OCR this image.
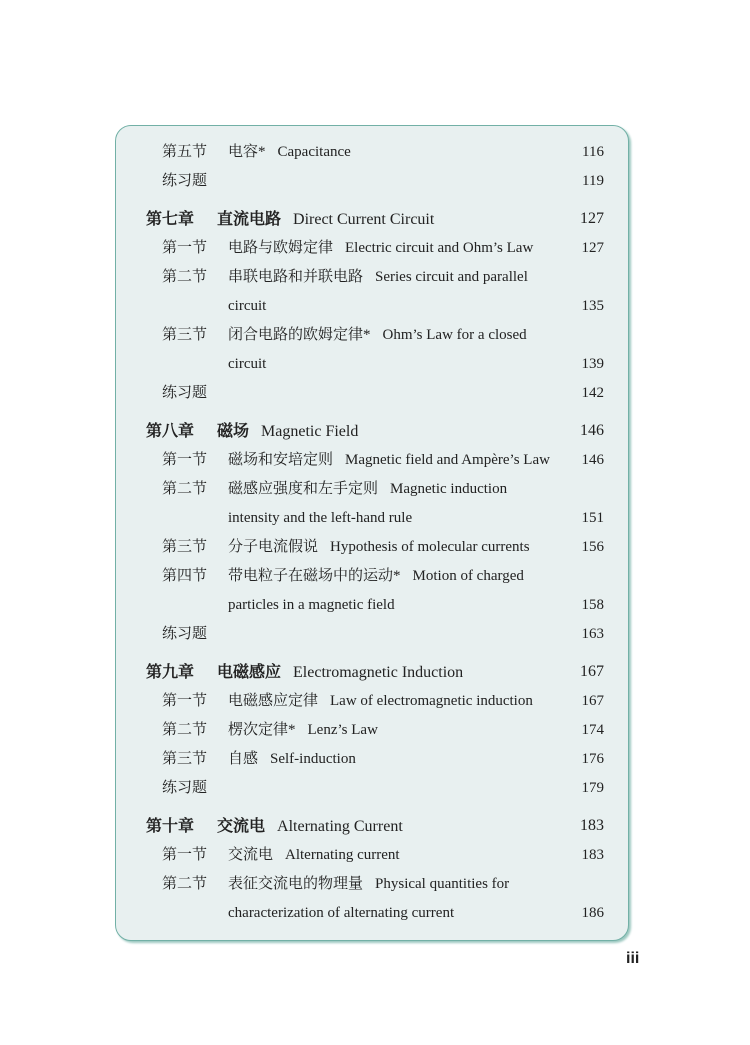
第五节	电容* Capacitance	116
练习题	119
第七章	直流电路 Direct Current Circuit	127
第一节	电路与欧姆定律 Electric circuit and Ohm’s Law	127
第二节	串联电路和并联电路 Series circuit and parallel
circuit	135
第三节	闭合电路的欧姆定律* Ohm’s Law for a closed
circuit	139
练习题	142
第八章	磁场 Magnetic Field	146
第一节	磁场和安培定则 Magnetic field and Ampère’s Law	146
第二节	磁感应强度和左手定则 Magnetic induction
intensity and the left-hand rule	151
第三节	分子电流假说 Hypothesis of molecular currents	156
第四节	带电粒子在磁场中的运动* Motion of charged
particles in a magnetic field	158
练习题	163
第九章	电磁感应 Electromagnetic Induction	167
第一节	电磁感应定律 Law of electromagnetic induction	167
第二节	楞次定律* Lenz’s Law	174
第三节	自感 Self-induction	176
练习题	179
第十章	交流电 Alternating Current	183
第一节	交流电 Alternating current	183
第二节	表征交流电的物理量 Physical quantities for
characterization of alternating current	186
iii
